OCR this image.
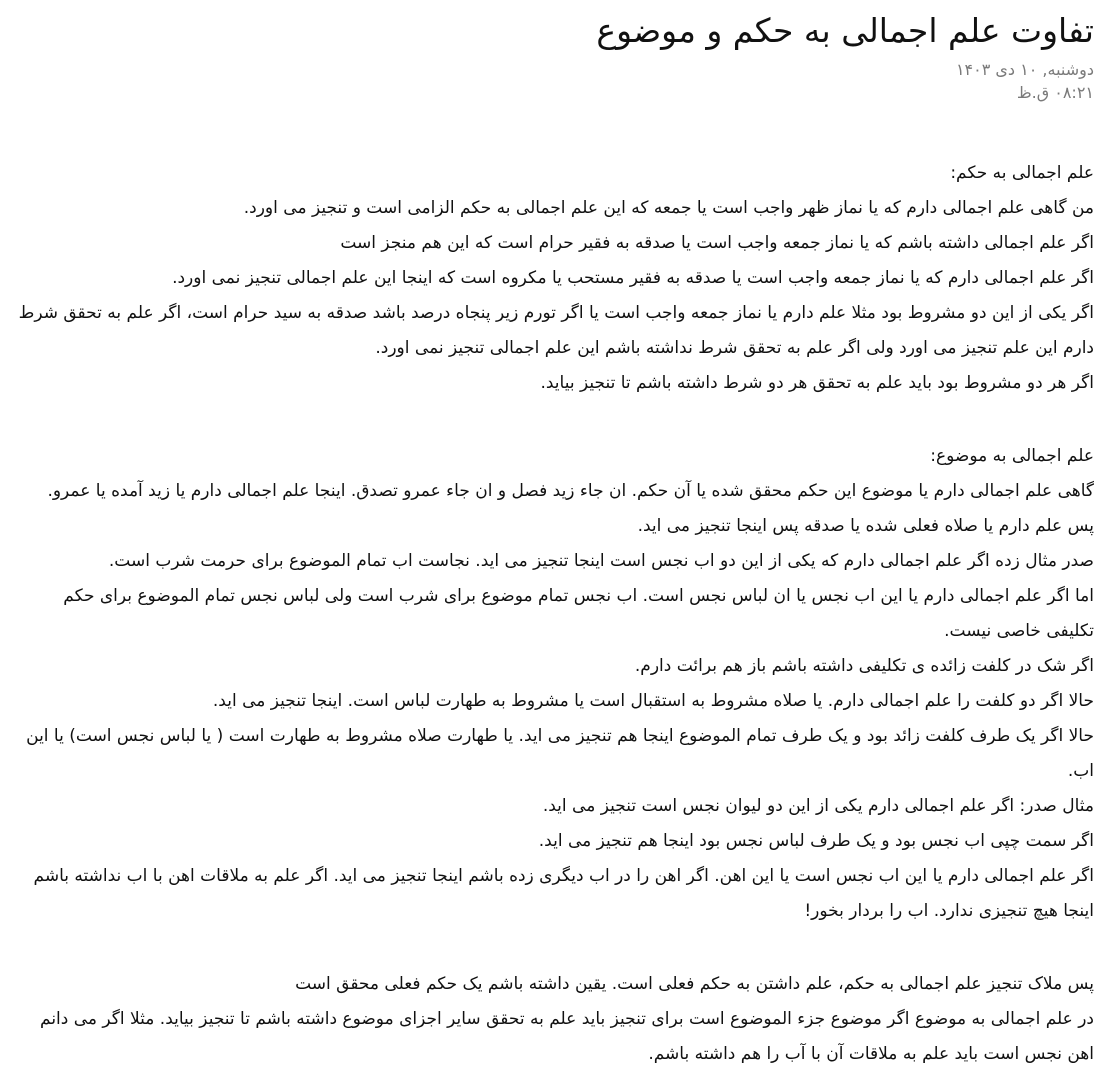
تفاوت علم اجمالی به حکم و موضوع
دوشنبه, ۱۰ دی ۱۴۰۳
۰۸:۲۱ ق.ظ
علم اجمالی به حکم:
من گاهی علم اجمالی دارم که یا نماز ظهر واجب است یا جمعه که این علم اجمالی به حکم الزامی است و تنجیز می اورد.
اگر علم اجمالی داشته باشم که یا نماز جمعه واجب است یا صدقه به فقیر حرام است که این هم منجز است
اگر علم اجمالی دارم که یا نماز جمعه واجب است یا صدقه به فقیر مستحب یا مکروه است که اینجا این علم اجمالی تنجیز نمی اورد.
اگر یکی از این دو مشروط بود مثلا علم دارم یا نماز جمعه واجب است یا اگر تورم زیر پنجاه درصد باشد صدقه به سید حرام است، اگر علم به تحقق شرط دارم این علم تنجیز می اورد ولی اگر علم به تحقق شرط نداشته باشم این علم اجمالی تنجیز نمی اورد.
اگر هر دو مشروط بود باید علم به تحقق هر دو شرط داشته باشم تا تنجیز بیاید.
علم اجمالی به موضوع:
گاهی علم اجمالی دارم یا موضوع این حکم محقق شده یا آن حکم. ان جاء زید فصل و ان جاء عمرو تصدق. اینجا علم اجمالی دارم یا زید آمده یا عمرو. پس علم دارم یا صلاه فعلی شده یا صدقه پس اینجا تنجیز می اید.
صدر مثال زده اگر علم اجمالی دارم که یکی از این دو اب نجس است اینجا تنجیز می اید. نجاست اب تمام الموضوع برای حرمت شرب است.
اما اگر علم اجمالی دارم یا این اب نجس یا ان لباس نجس است. اب نجس تمام موضوع برای شرب است ولی لباس نجس تمام الموضوع برای حکم تکلیفی خاصی نیست.
اگر شک در کلفت زائده ی تکلیفی داشته باشم باز هم برائت دارم.
حالا اگر دو کلفت را علم اجمالی دارم. یا صلاه مشروط به استقبال است یا مشروط به طهارت لباس است. اینجا تنجیز می اید.
حالا اگر یک طرف کلفت زائد بود و یک طرف تمام الموضوع اینجا هم تنجیز می اید. یا طهارت صلاه مشروط به طهارت است ( یا لباس نجس است) یا این اب.
مثال صدر: اگر علم اجمالی دارم یکی از این دو لیوان نجس است تنجیز می اید.
اگر سمت چپی اب نجس بود و یک طرف لباس نجس بود اینجا هم تنجیز می اید.
اگر علم اجمالی دارم یا این اب نجس است یا این اهن. اگر اهن را در اب دیگری زده باشم اینجا تنجیز می اید. اگر علم به ملاقات اهن با اب نداشته باشم اینجا هیچ تنجیزی ندارد. اب را بردار بخور!
پس ملاک تنجیز علم اجمالی به حکم، علم داشتن به حکم فعلی است. یقین داشته باشم یک حکم فعلی محقق است
در علم اجمالی به موضوع اگر موضوع جزء الموضوع است برای تنجیز باید علم به تحقق سایر اجزای موضوع داشته باشم تا تنجیز بیاید. مثلا اگر می دانم اهن نجس است باید علم به ملاقات آن با آب را هم داشته باشم.
